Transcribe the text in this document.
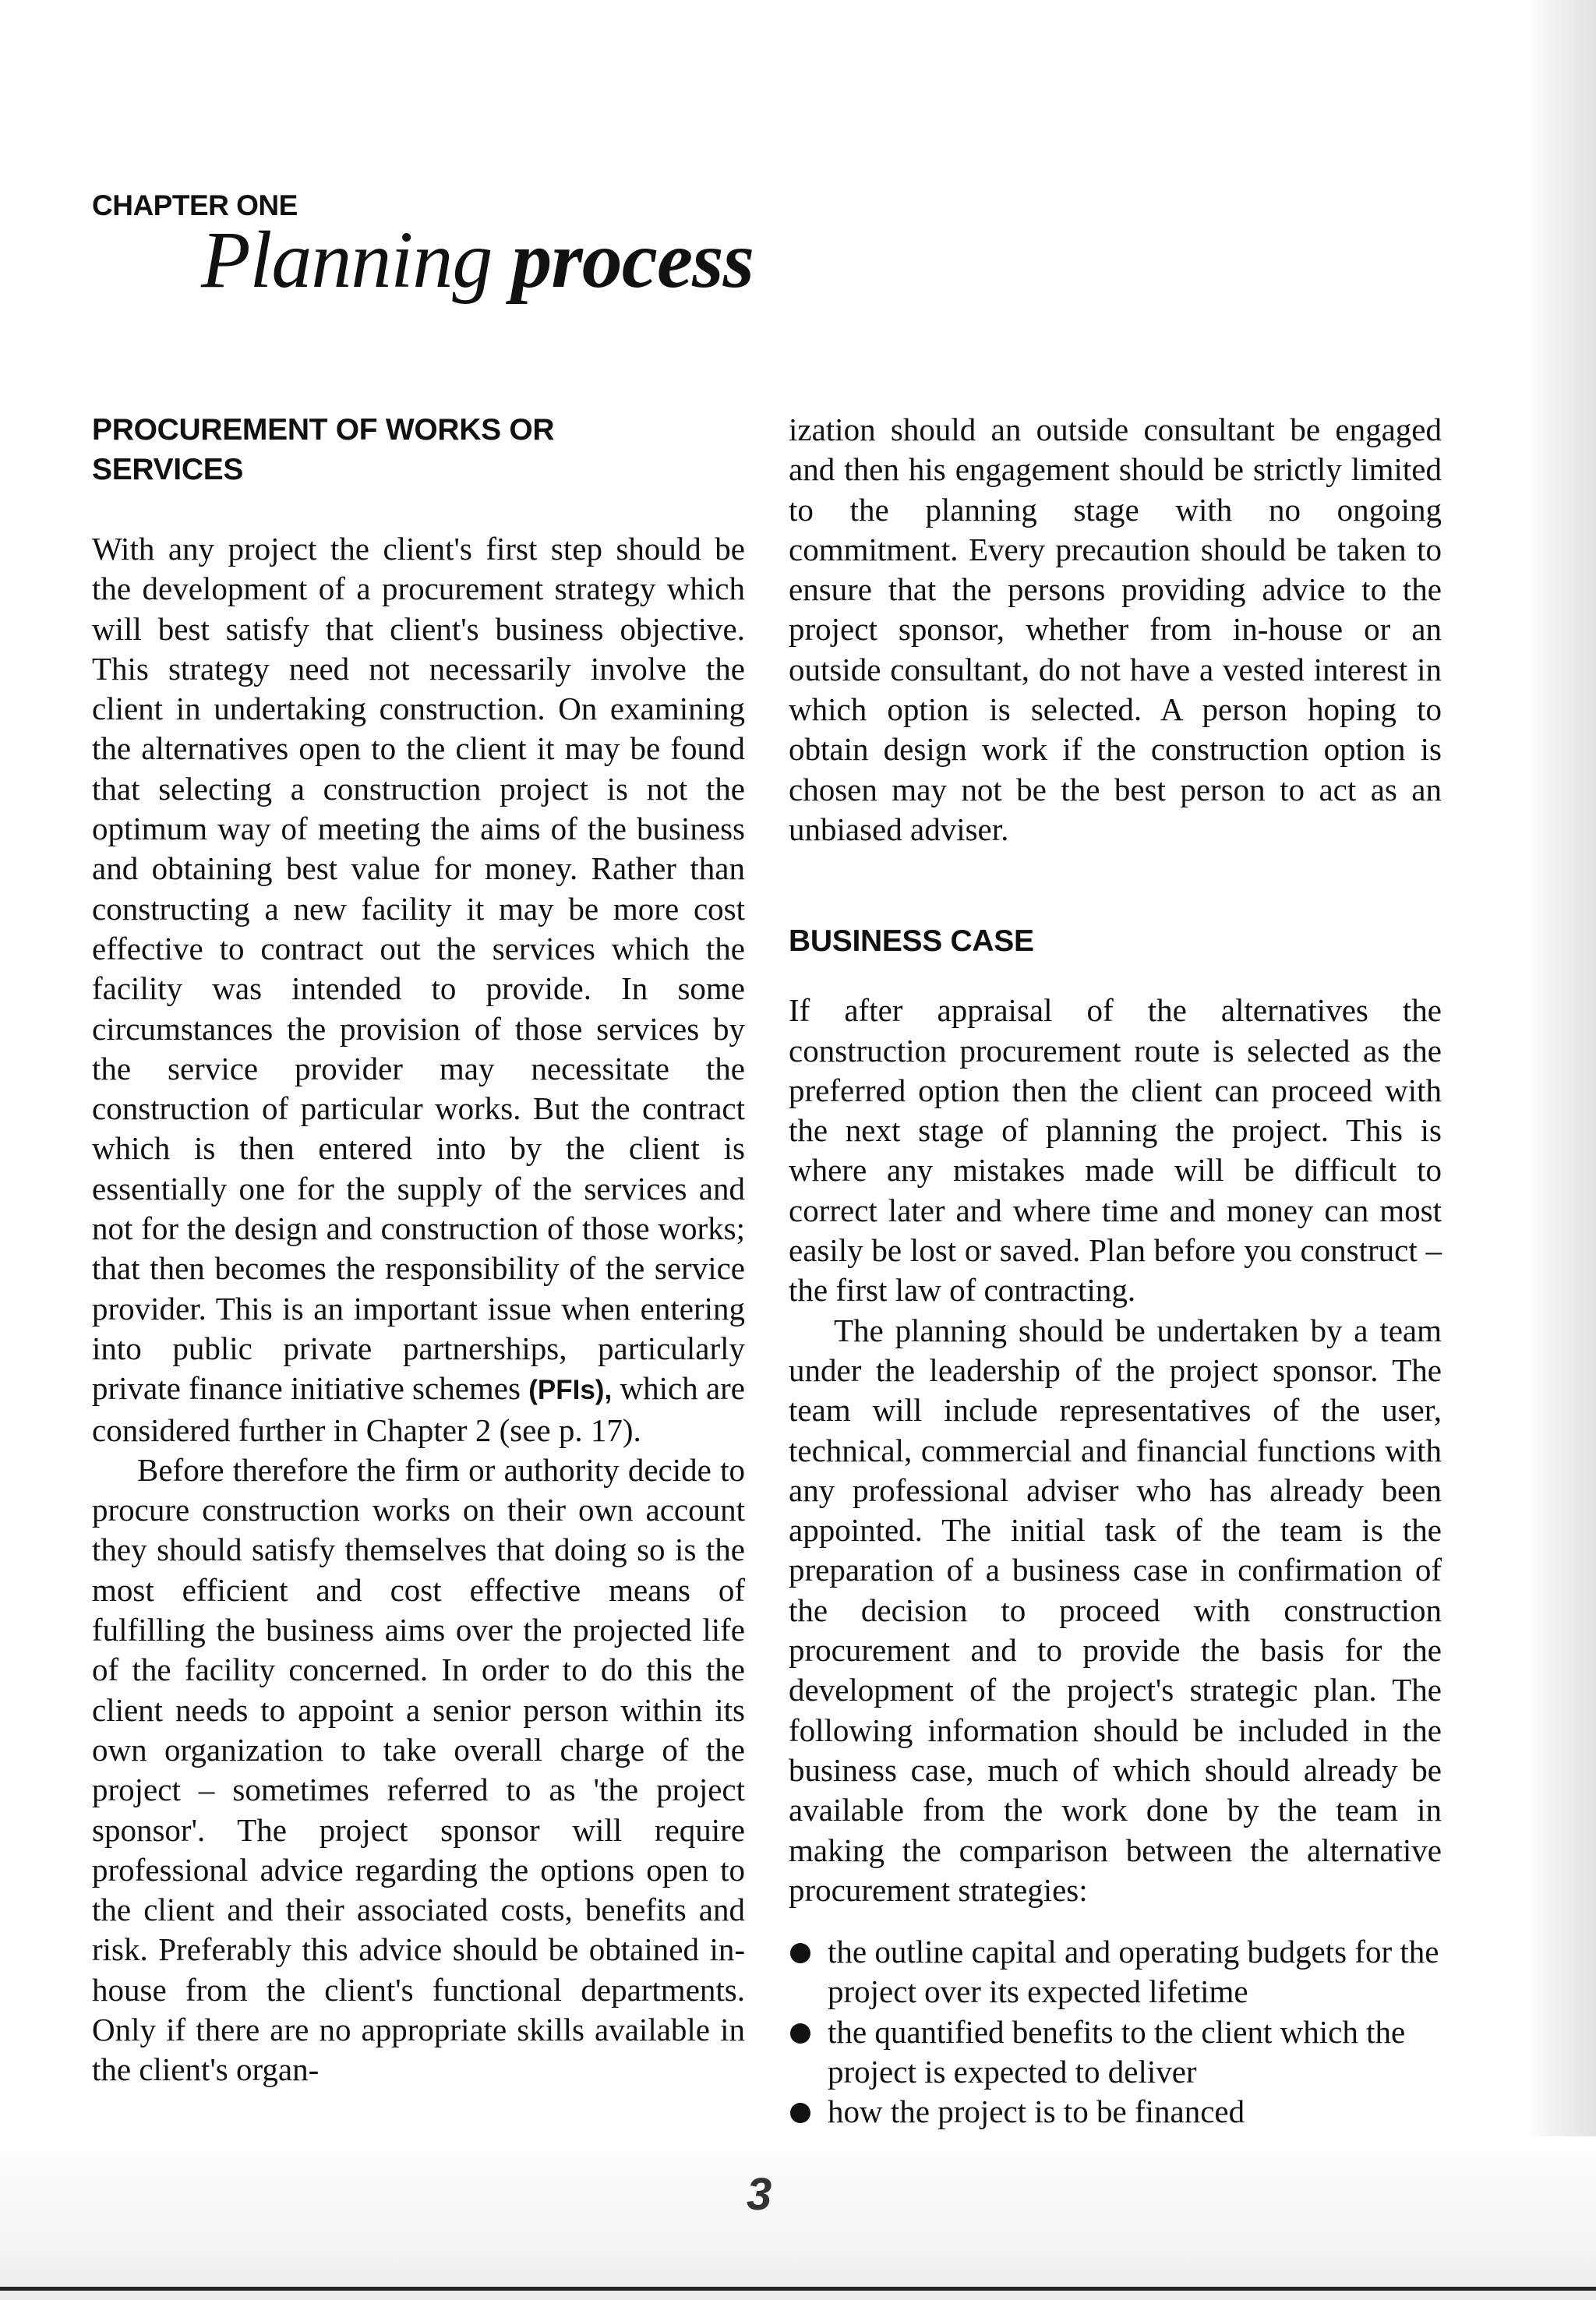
CHAPTER ONE

Planning process
PROCUREMENT OF WORKS OR SERVICES

With any project the client's first step should be the development of a procurement strategy which will best satisfy that client's business objective. This strategy need not necessarily involve the client in undertaking construction. On examining the alternatives open to the client it may be found that selecting a construction project is not the optimum way of meeting the aims of the business and obtaining best value for money. Rather than constructing a new facility it may be more cost effective to contract out the services which the facility was intended to provide. In some circumstances the provision of those services by the service provider may necessitate the construction of particular works. But the contract which is then entered into by the client is essentially one for the supply of the services and not for the design and construction of those works; that then becomes the responsibility of the service provider. This is an important issue when entering into public private partnerships, particularly private finance initiative schemes (PFIs), which are considered further in Chapter 2 (see p. 17).

Before therefore the firm or authority decide to procure construction works on their own account they should satisfy themselves that doing so is the most efficient and cost effective means of fulfilling the business aims over the projected life of the facility concerned. In order to do this the client needs to appoint a senior person within its own organization to take overall charge of the project – sometimes referred to as 'the project sponsor'. The project sponsor will require professional advice regarding the options open to the client and their associated costs, benefits and risk. Preferably this advice should be obtained in-house from the client's functional departments. Only if there are no appropriate skills available in the client's organ-

ization should an outside consultant be engaged and then his engagement should be strictly limited to the planning stage with no ongoing commitment. Every precaution should be taken to ensure that the persons providing advice to the project sponsor, whether from in-house or an outside consultant, do not have a vested interest in which option is selected. A person hoping to obtain design work if the construction option is chosen may not be the best person to act as an unbiased adviser.

BUSINESS CASE

If after appraisal of the alternatives the construction procurement route is selected as the preferred option then the client can proceed with the next stage of planning the project. This is where any mistakes made will be difficult to correct later and where time and money can most easily be lost or saved. Plan before you construct – the first law of contracting.

The planning should be undertaken by a team under the leadership of the project sponsor. The team will include representatives of the user, technical, commercial and financial functions with any professional adviser who has already been appointed. The initial task of the team is the preparation of a business case in confirmation of the decision to proceed with construction procurement and to provide the basis for the development of the project's strategic plan. The following information should be included in the business case, much of which should already be available from the work done by the team in making the comparison between the alternative procurement strategies:

the outline capital and operating budgets for the project over its expected lifetime
the quantified benefits to the client which the project is expected to deliver
how the project is to be financed

3
